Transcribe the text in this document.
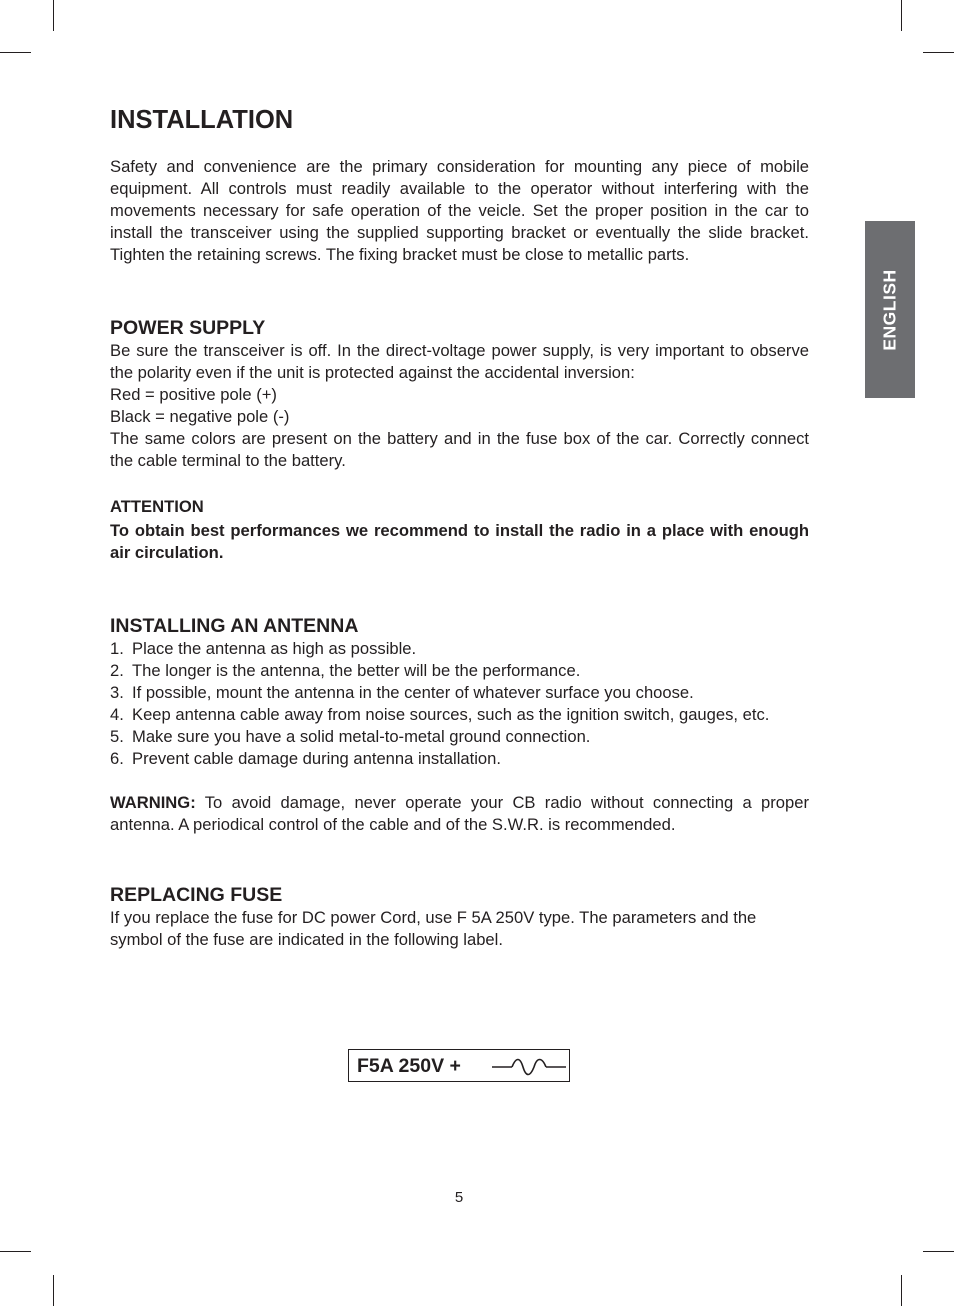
ENGLISH
INSTALLATION

Safety and convenience are the primary consideration for mounting any piece of mobile equipment. All controls must readily available to the operator without interfering with the movements necessary for safe operation of the veicle. Set the proper position in the car to install the transceiver using the supplied supporting bracket or eventually the slide bracket. Tighten the retaining screws. The fixing bracket must be close to metallic parts.

POWER SUPPLY

Be sure the transceiver is off. In the direct-voltage power supply, is very important to observe the polarity even if the unit is protected against the accidental inversion:

Red = positive pole (+)

Black = negative pole (-)

The same colors are present on the battery and in the fuse box of the car. Correctly connect the cable terminal to the battery.

ATTENTION

To obtain best performances we recommend to install the radio in a place with enough air circulation.

INSTALLING AN ANTENNA
1. Place the antenna as high as possible.
2. The longer is the antenna, the better will be the performance.
3. If possible, mount the antenna in the center of whatever surface you choose.
4. Keep antenna cable away from noise sources, such as the ignition switch, gauges, etc.
5. Make sure you have a solid metal-to-metal ground connection.
6. Prevent cable damage during antenna installation.

WARNING: To avoid damage, never operate your CB radio without connecting a proper antenna. A periodical control of the cable and of the S.W.R. is recommended.

REPLACING FUSE

If you replace the fuse for DC power Cord, use F 5A 250V type. The parameters and the symbol of the fuse are indicated in the following label.

F5A 250V +
5
